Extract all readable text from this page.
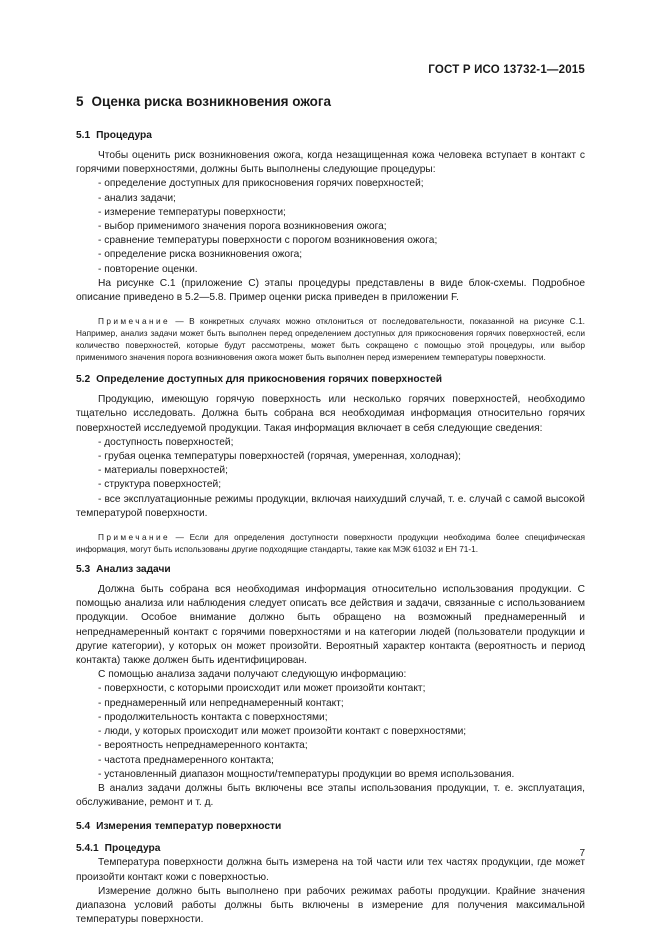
ГОСТ Р ИСО 13732-1—2015
5 Оценка риска возникновения ожога
5.1 Процедура

Чтобы оценить риск возникновения ожога, когда незащищенная кожа человека вступает в контакт с горячими поверхностями, должны быть выполнены следующие процедуры:

- определение доступных для прикосновения горячих поверхностей;
- анализ задачи;
- измерение температуры поверхности;
- выбор применимого значения порога возникновения ожога;
- сравнение температуры поверхности с порогом возникновения ожога;
- определение риска возникновения ожога;
- повторение оценки.

На рисунке С.1 (приложение С) этапы процедуры представлены в виде блок-схемы. Подробное описание приведено в 5.2—5.8. Пример оценки риска приведен в приложении F.

Примечание — В конкретных случаях можно отклониться от последовательности, показанной на рисунке С.1. Например, анализ задачи может быть выполнен перед определением доступных для прикосновения горячих поверхностей, если количество поверхностей, которые будут рассмотрены, может быть сокращено с помощью этой процедуры, или выбор применимого значения порога возникновения ожога может быть выполнен перед измерением температуры поверхности.

5.2 Определение доступных для прикосновения горячих поверхностей

Продукцию, имеющую горячую поверхность или несколько горячих поверхностей, необходимо тщательно исследовать. Должна быть собрана вся необходимая информация относительно горячих поверхностей исследуемой продукции. Такая информация включает в себя следующие сведения:

- доступность поверхностей;
- грубая оценка температуры поверхностей (горячая, умеренная, холодная);
- материалы поверхностей;
- структура поверхностей;
- все эксплуатационные режимы продукции, включая наихудший случай, т. е. случай с самой высокой температурой поверхности.

Примечание — Если для определения доступности поверхности продукции необходима более специфическая информация, могут быть использованы другие подходящие стандарты, такие как МЭК 61032 и ЕН 71-1.

5.3 Анализ задачи

Должна быть собрана вся необходимая информация относительно использования продукции. С помощью анализа или наблюдения следует описать все действия и задачи, связанные с использованием продукции. Особое внимание должно быть обращено на возможный преднамеренный и непреднамеренный контакт с горячими поверхностями и на категории людей (пользователи продукции и другие категории), у которых он может произойти. Вероятный характер контакта (вероятность и период контакта) также должен быть идентифицирован.

С помощью анализа задачи получают следующую информацию:

- поверхности, с которыми происходит или может произойти контакт;
- преднамеренный или непреднамеренный контакт;
- продолжительность контакта с поверхностями;
- люди, у которых происходит или может произойти контакт с поверхностями;
- вероятность непреднамеренного контакта;
- частота преднамеренного контакта;
- установленный диапазон мощности/температуры продукции во время использования.

В анализ задачи должны быть включены все этапы использования продукции, т. е. эксплуатация, обслуживание, ремонт и т. д.

5.4 Измерения температур поверхности
5.4.1 Процедура

Температура поверхности должна быть измерена на той части или тех частях продукции, где может произойти контакт кожи с поверхностью.

Измерение должно быть выполнено при рабочих режимах работы продукции. Крайние значения диапазона условий работы должны быть включены в измерение для получения максимальной температуры поверхности.

7
